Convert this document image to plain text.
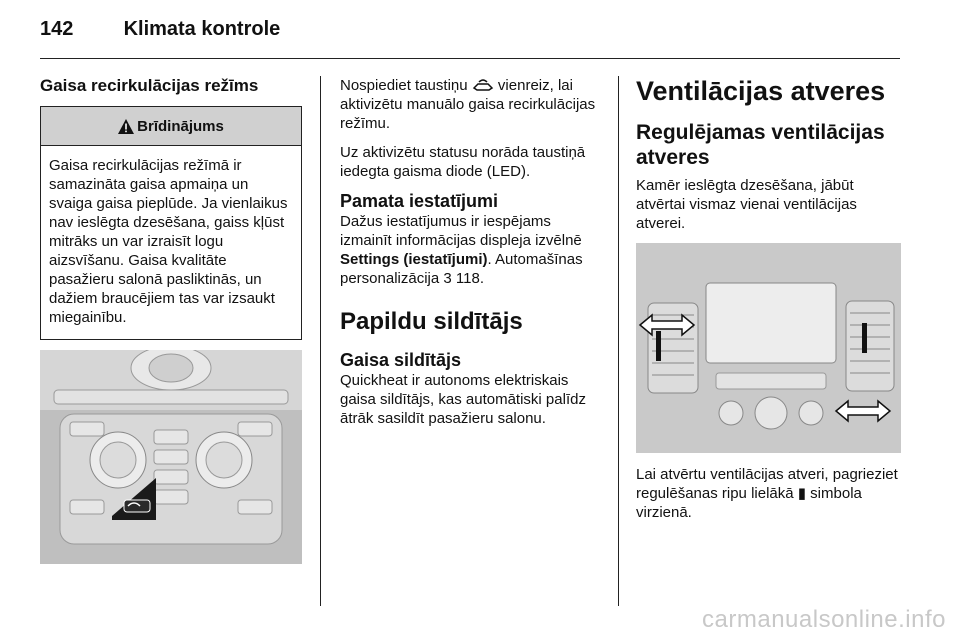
142	Klimata kontrole
Gaisa recirkulācijas režīms
Brīdinājums
Gaisa recirkulācijas režīmā ir samazināta gaisa apmaiņa un svaiga gaisa pieplūde. Ja vienlaikus nav ieslēgta dzesēšana, gaiss kļūst mitrāks un var izraisīt logu aizsvīšanu. Gaisa kvalitāte pasažieru salonā pasliktinās, un dažiem braucējiem tas var izsaukt miegainību.

Nospiediet taustiņu  vienreiz, lai aktivizētu manuālo gaisa recirkulācijas režīmu.

Uz aktivizētu statusu norāda taustiņā iedegta gaisma diode (LED).

Pamata iestatījumi

Dažus iestatījumus ir iespējams izmainīt informācijas displeja izvēlnē Settings (iestatījumi). Automašīnas personalizācija 3 118.

Papildu sildītājs
Gaisa sildītājs

Quickheat ir autonoms elektriskais gaisa sildītājs, kas automātiski palīdz ātrāk sasildīt pasažieru salonu.

Ventilācijas atveres
Regulējamas ventilācijas atveres

Kamēr ieslēgta dzesēšana, jābūt atvērtai vismaz vienai ventilācijas atverei.

Lai atvērtu ventilācijas atveri, pagrieziet regulēšanas ripu lielākā ▮ simbola virzienā.

carmanualsonline.info
